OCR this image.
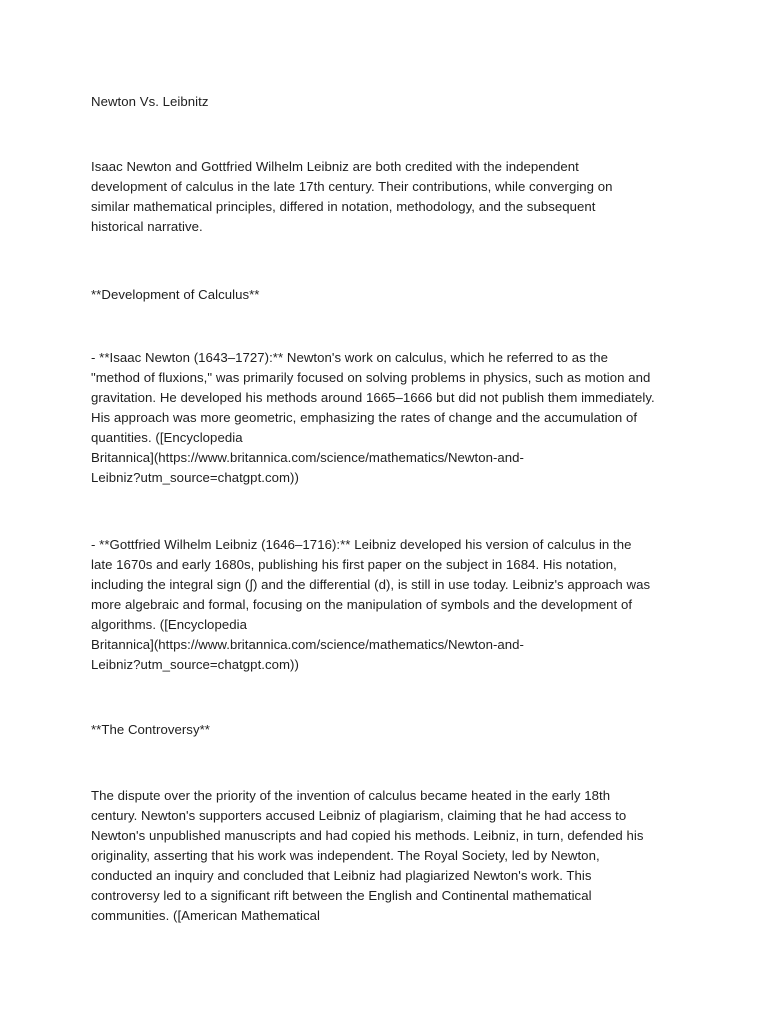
Newton Vs. Leibnitz

Isaac Newton and Gottfried Wilhelm Leibniz are both credited with the independent
development of calculus in the late 17th century. Their contributions, while converging on
similar mathematical principles, differed in notation, methodology, and the subsequent
historical narrative.

**Development of Calculus**

- **Isaac Newton (1643–1727):** Newton's work on calculus, which he referred to as the
"method of fluxions," was primarily focused on solving problems in physics, such as motion and
gravitation. He developed his methods around 1665–1666 but did not publish them immediately.
His approach was more geometric, emphasizing the rates of change and the accumulation of
quantities. ([Encyclopedia
Britannica](https://www.britannica.com/science/mathematics/Newton-and-
Leibniz?utm_source=chatgpt.com))

- **Gottfried Wilhelm Leibniz (1646–1716):** Leibniz developed his version of calculus in the
late 1670s and early 1680s, publishing his first paper on the subject in 1684. His notation,
including the integral sign (∫) and the differential (d), is still in use today. Leibniz's approach was
more algebraic and formal, focusing on the manipulation of symbols and the development of
algorithms. ([Encyclopedia
Britannica](https://www.britannica.com/science/mathematics/Newton-and-
Leibniz?utm_source=chatgpt.com))

**The Controversy**

The dispute over the priority of the invention of calculus became heated in the early 18th
century. Newton's supporters accused Leibniz of plagiarism, claiming that he had access to
Newton's unpublished manuscripts and had copied his methods. Leibniz, in turn, defended his
originality, asserting that his work was independent. The Royal Society, led by Newton,
conducted an inquiry and concluded that Leibniz had plagiarized Newton's work. This
controversy led to a significant rift between the English and Continental mathematical
communities. ([American Mathematical
